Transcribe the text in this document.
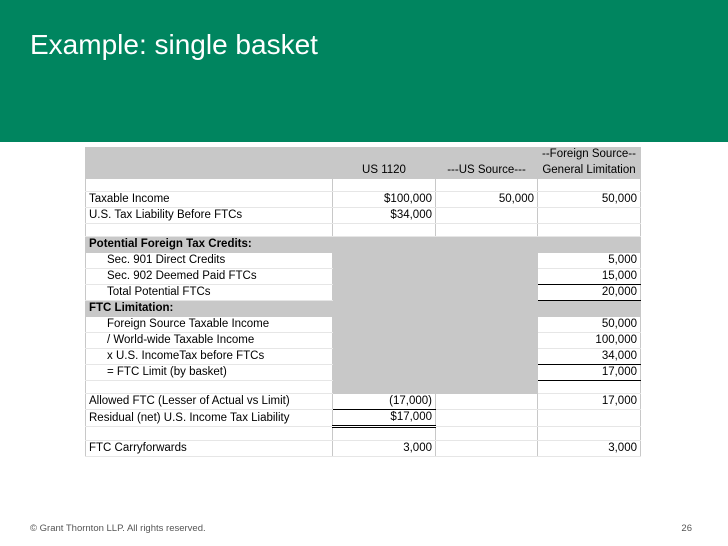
Example: single basket
			--Foreign Source--
	US 1120	---US Source---	General Limitation

Taxable Income	$100,000	50,000	50,000
U.S. Tax Liability Before FTCs	$34,000		

Potential Foreign Tax Credits:			
Sec. 901 Direct Credits			5,000
Sec. 902 Deemed Paid FTCs			15,000
Total Potential FTCs			20,000
FTC Limitation:			
Foreign Source Taxable Income			50,000
/ World-wide Taxable Income			100,000
x U.S. IncomeTax before FTCs			34,000
= FTC Limit (by basket)			17,000

Allowed FTC (Lesser of Actual vs Limit)	(17,000)		17,000
Residual (net) U.S. Income Tax Liability	$17,000		

FTC Carryforwards	3,000		3,000
© Grant Thornton LLP. All rights reserved.	26
